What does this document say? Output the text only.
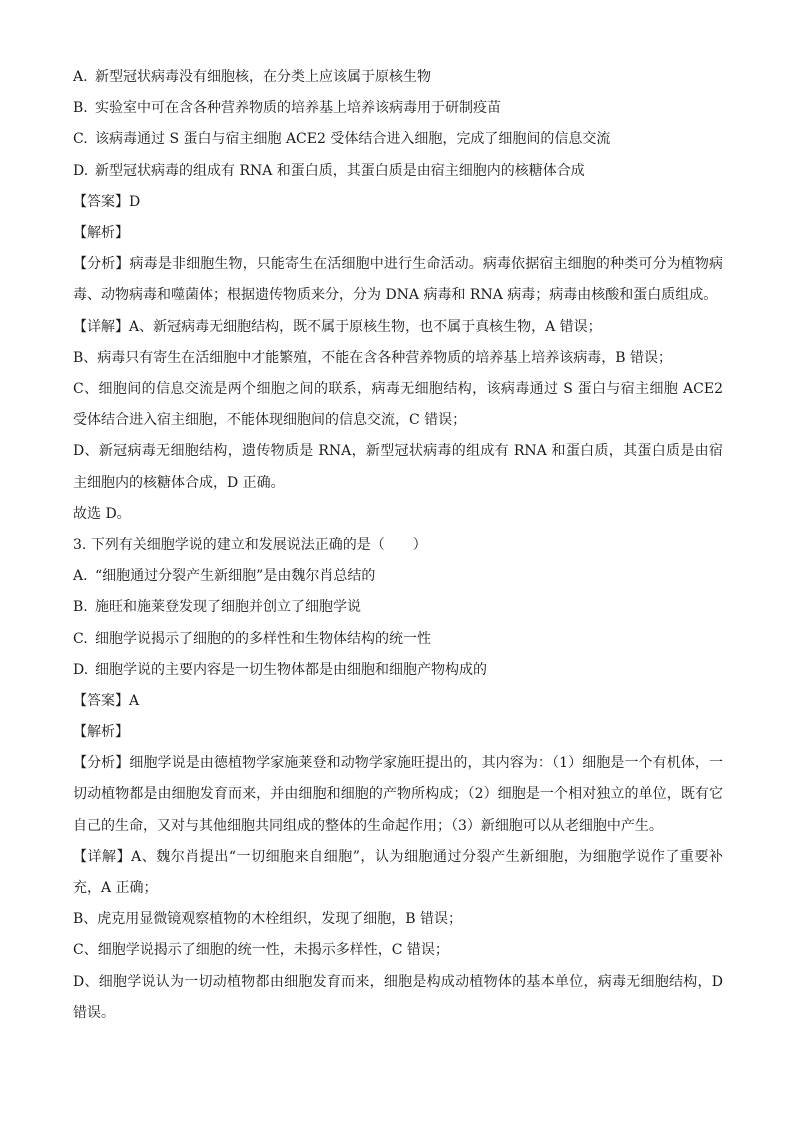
A. 新型冠状病毒没有细胞核，在分类上应该属于原核生物
B. 实验室中可在含各种营养物质的培养基上培养该病毒用于研制疫苗
C. 该病毒通过 S 蛋白与宿主细胞 ACE2 受体结合进入细胞，完成了细胞间的信息交流
D. 新型冠状病毒的组成有 RNA 和蛋白质，其蛋白质是由宿主细胞内的核糖体合成
【答案】D
【解析】
【分析】病毒是非细胞生物，只能寄生在活细胞中进行生命活动。病毒依据宿主细胞的种类可分为植物病毒、动物病毒和噬菌体；根据遗传物质来分，分为 DNA 病毒和 RNA 病毒；病毒由核酸和蛋白质组成。
【详解】A、新冠病毒无细胞结构，既不属于原核生物，也不属于真核生物，A 错误；
B、病毒只有寄生在活细胞中才能繁殖，不能在含各种营养物质的培养基上培养该病毒，B 错误；
C、细胞间的信息交流是两个细胞之间的联系，病毒无细胞结构，该病毒通过 S 蛋白与宿主细胞 ACE2 受体结合进入宿主细胞，不能体现细胞间的信息交流，C 错误；
D、新冠病毒无细胞结构，遗传物质是 RNA，新型冠状病毒的组成有 RNA 和蛋白质，其蛋白质是由宿主细胞内的核糖体合成，D 正确。
故选 D。
3. 下列有关细胞学说的建立和发展说法正确的是（　　）
A. “细胞通过分裂产生新细胞”是由魏尔肖总结的
B. 施旺和施莱登发现了细胞并创立了细胞学说
C. 细胞学说揭示了细胞的的多样性和生物体结构的统一性
D. 细胞学说的主要内容是一切生物体都是由细胞和细胞产物构成的
【答案】A
【解析】
【分析】细胞学说是由德植物学家施莱登和动物学家施旺提出的，其内容为：（1）细胞是一个有机体，一切动植物都是由细胞发育而来，并由细胞和细胞的产物所构成；（2）细胞是一个相对独立的单位，既有它自己的生命，又对与其他细胞共同组成的整体的生命起作用；（3）新细胞可以从老细胞中产生。
【详解】A、魏尔肖提出“一切细胞来自细胞”，认为细胞通过分裂产生新细胞，为细胞学说作了重要补充，A 正确；
B、虎克用显微镜观察植物的木栓组织，发现了细胞，B 错误；
C、细胞学说揭示了细胞的统一性，未揭示多样性，C 错误；
D、细胞学说认为一切动植物都由细胞发育而来，细胞是构成动植物体的基本单位，病毒无细胞结构，D 错误。
